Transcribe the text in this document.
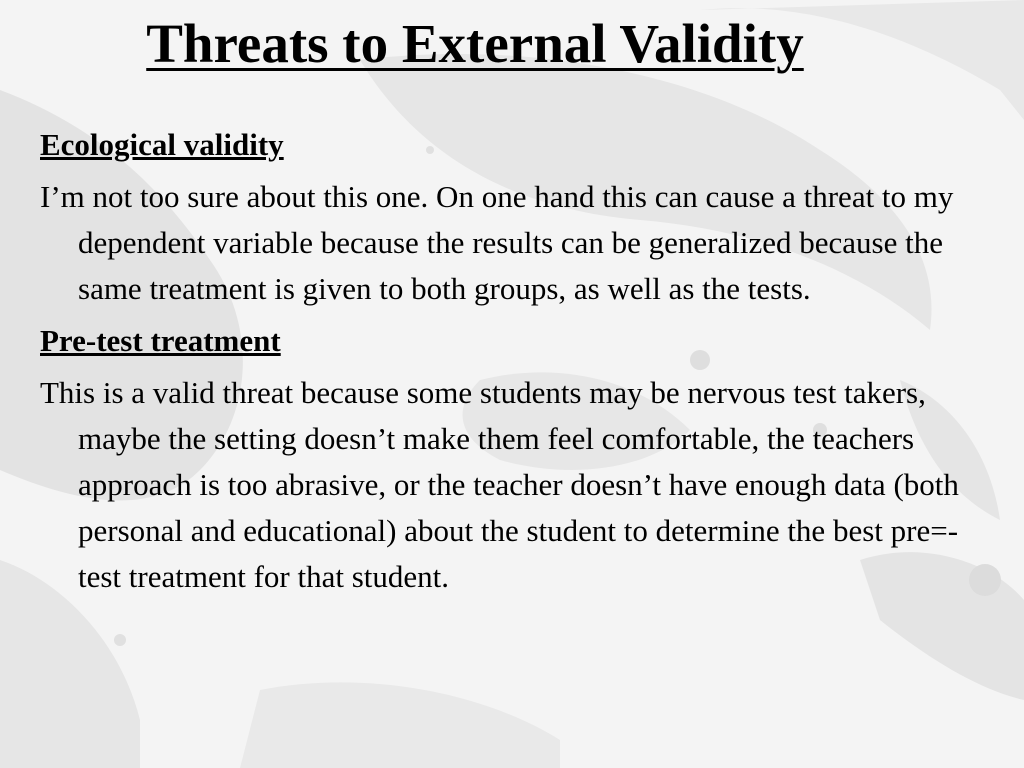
Threats to External Validity

Ecological validity

I’m not too sure about this one. On one hand this can cause a threat to my dependent variable because the results can be generalized because the same treatment is given to both groups, as well as the tests.

Pre-test treatment

This is a valid threat because some students may be nervous test takers, maybe the setting doesn’t make them feel comfortable, the teachers approach is too abrasive, or the teacher doesn’t have enough data (both personal and educational) about the student to determine the best pre=-test treatment for that student.
